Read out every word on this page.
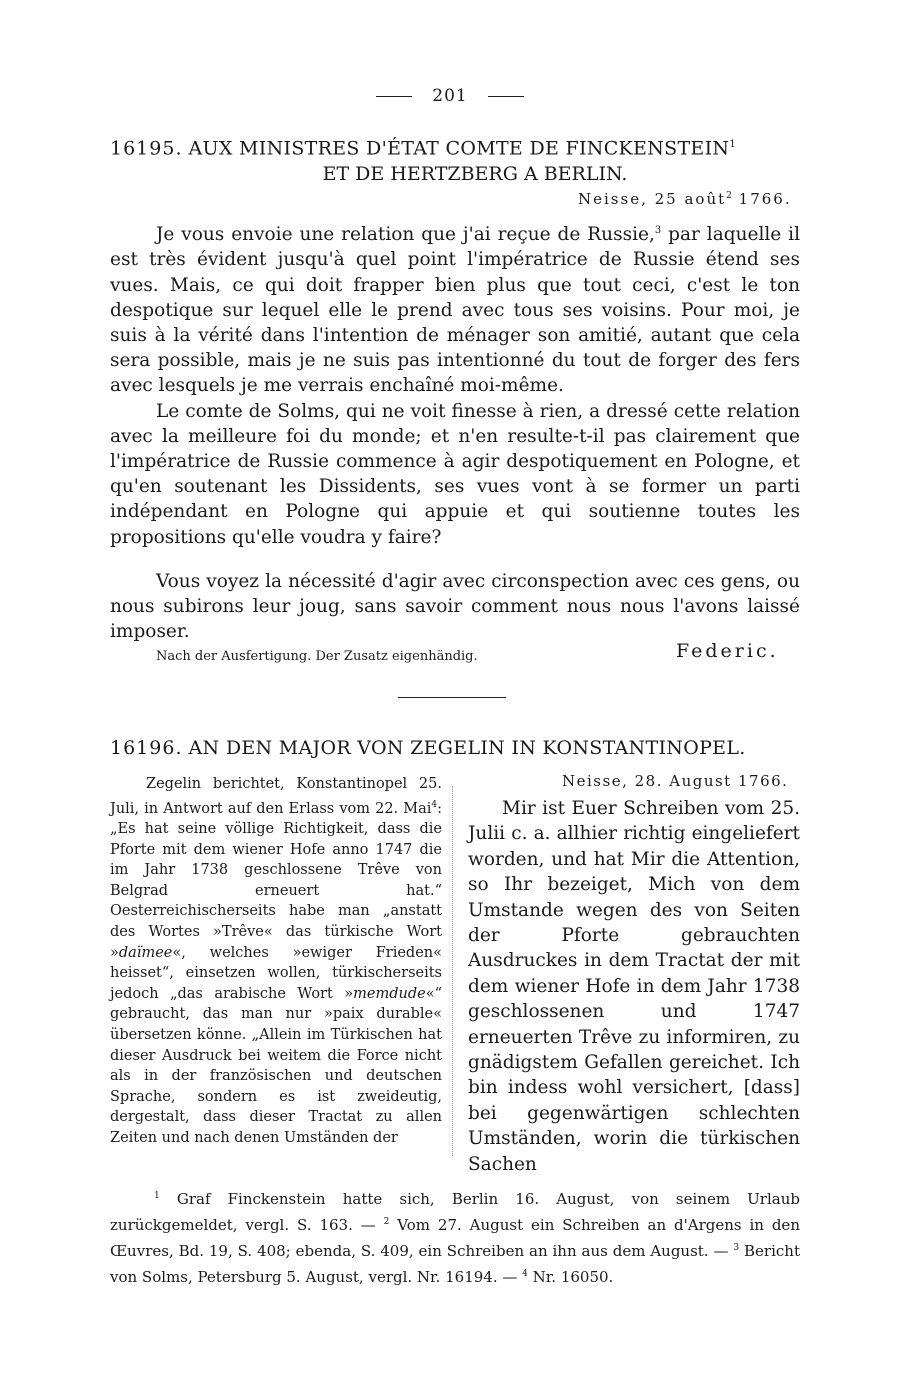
201
16195. AUX MINISTRES D'ÉTAT COMTE DE FINCKENSTEIN$^1$
ET DE HERTZBERG A BERLIN.
Neisse, 25 août$^2$ 1766.

Je vous envoie une relation que j'ai reçue de Russie,$^3$ par laquelle il est très évident jusqu'à quel point l'impératrice de Russie étend ses vues. Mais, ce qui doit frapper bien plus que tout ceci, c'est le ton despotique sur lequel elle le prend avec tous ses voisins. Pour moi, je suis à la vérité dans l'intention de ménager son amitié, autant que cela sera possible, mais je ne suis pas intentionné du tout de forger des fers avec lesquels je me verrais enchaîné moi-même.

Le comte de Solms, qui ne voit finesse à rien, a dressé cette relation avec la meilleure foi du monde; et n'en resulte-t-il pas clairement que l'impératrice de Russie commence à agir despotiquement en Pologne, et qu'en soutenant les Dissidents, ses vues vont à se former un parti indépendant en Pologne qui appuie et qui soutienne toutes les propositions qu'elle voudra y faire?

Vous voyez la nécessité d'agir avec circonspection avec ces gens, ou nous subirons leur joug, sans savoir comment nous nous l'avons laissé imposer.

Nach der Ausfertigung. Der Zusatz eigenhändig.	Federic.
16196. AN DEN MAJOR VON ZEGELIN IN KONSTANTINOPEL.

Zegelin berichtet, Konstantinopel 25. Juli, in Antwort auf den Erlass vom 22. Mai$^4$: „Es hat seine völlige Richtigkeit, dass die Pforte mit dem wiener Hofe anno 1747 die im Jahr 1738 geschlossene Trêve von Belgrad erneuert hat.“ Oesterreichischerseits habe man „anstatt des Wortes »Trêve« das türkische Wort »daïmee«, welches »ewiger Frieden« heisset“, einsetzen wollen, türkischerseits jedoch „das arabische Wort »memdude«“ gebraucht, das man nur »paix durable« übersetzen könne. „Allein im Türkischen hat dieser Ausdruck bei weitem die Force nicht als in der französischen und deutschen Sprache, sondern es ist zweideutig, dergestalt, dass dieser Tractat zu allen Zeiten und nach denen Umständen der

Neisse, 28. August 1766.

Mir ist Euer Schreiben vom 25. Julii c. a. allhier richtig eingeliefert worden, und hat Mir die Attention, so Ihr bezeiget, Mich von dem Umstande wegen des von Seiten der Pforte gebrauchten Ausdruckes in dem Tractat der mit dem wiener Hofe in dem Jahr 1738 geschlossenen und 1747 erneuerten Trêve zu informiren, zu gnädigstem Gefallen gereichet. Ich bin indess wohl versichert, [dass] bei gegenwärtigen schlechten Umständen, worin die türkischen Sachen

$^1$ Graf Finckenstein hatte sich, Berlin 16. August, von seinem Urlaub zurückgemeldet, vergl. S. 163. — $^2$ Vom 27. August ein Schreiben an d'Argens in den Œuvres, Bd. 19, S. 408; ebenda, S. 409, ein Schreiben an ihn aus dem August. — $^3$ Bericht von Solms, Petersburg 5. August, vergl. Nr. 16194. — $^4$ Nr. 16050.
